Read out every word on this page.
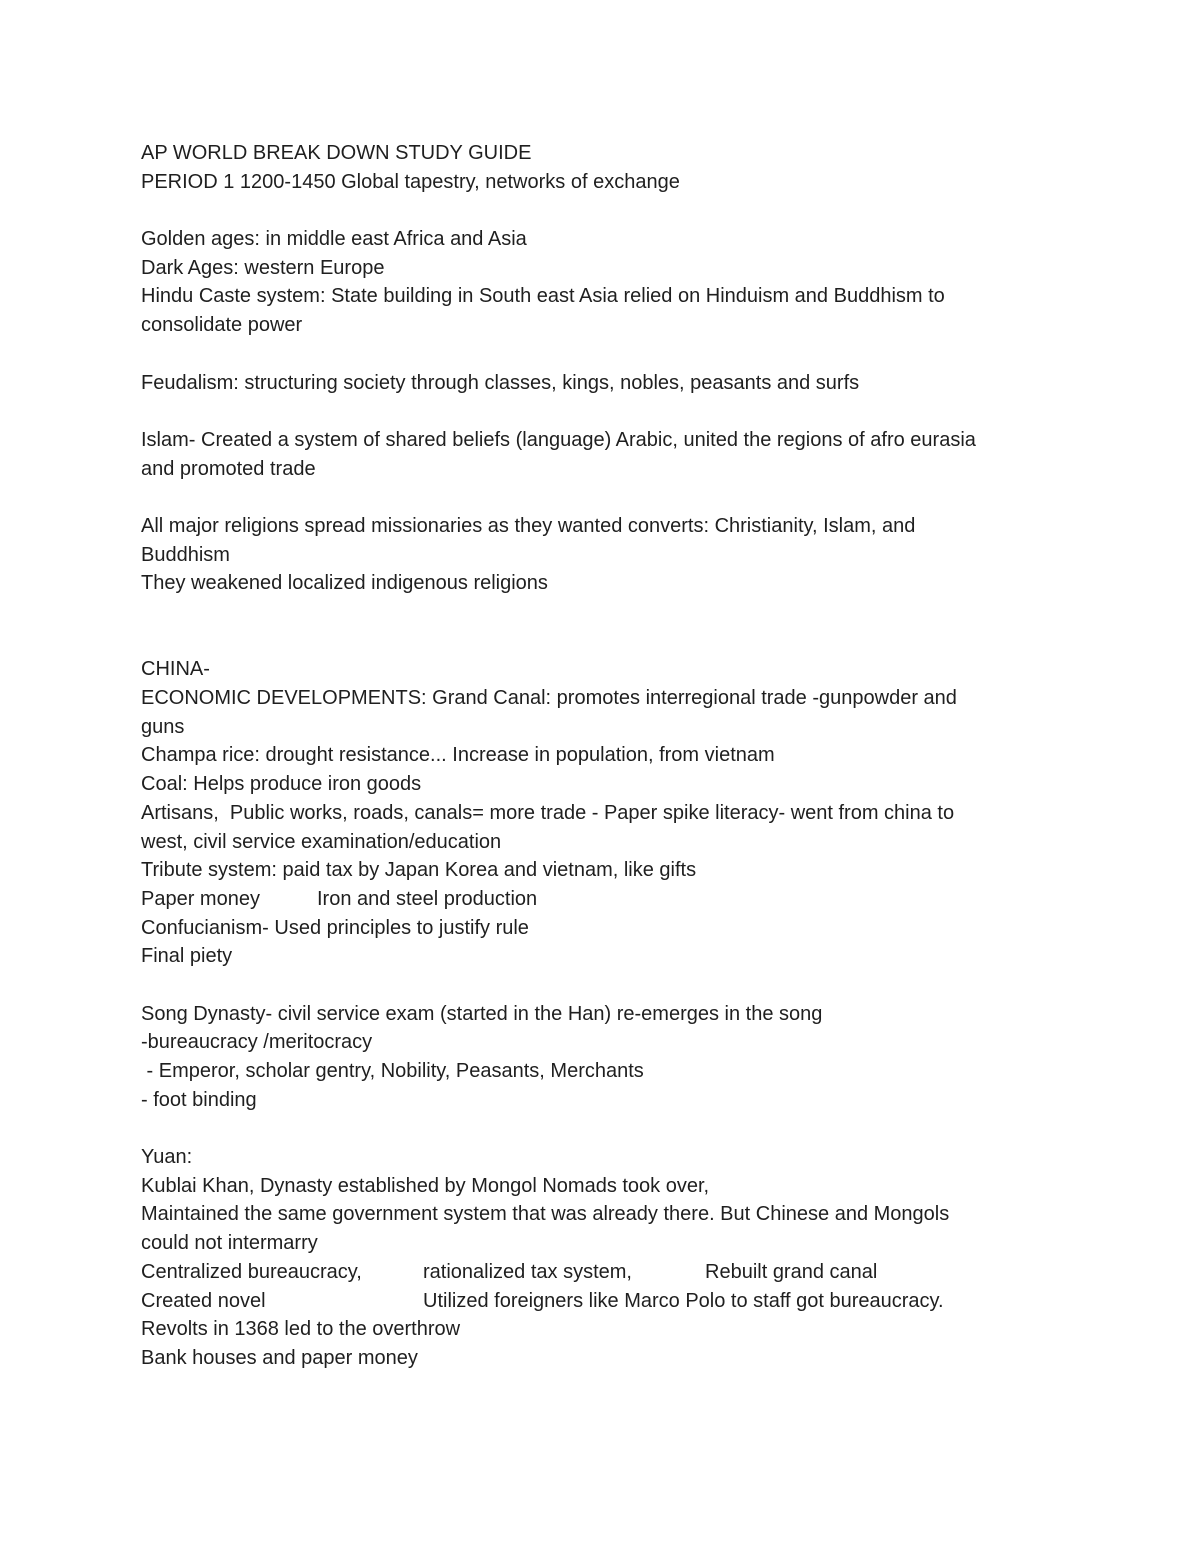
AP WORLD BREAK DOWN STUDY GUIDE
PERIOD 1 1200-1450 Global tapestry, networks of exchange
Golden ages: in middle east Africa and Asia
Dark Ages: western Europe
Hindu Caste system: State building in South east Asia relied on Hinduism and Buddhism to
consolidate power
Feudalism: structuring society through classes, kings, nobles, peasants and surfs
Islam- Created a system of shared beliefs (language) Arabic, united the regions of afro eurasia
and promoted trade
All major religions spread missionaries as they wanted converts: Christianity, Islam, and
Buddhism
They weakened localized indigenous religions
CHINA-
ECONOMIC DEVELOPMENTS: Grand Canal: promotes interregional trade -gunpowder and
guns
Champa rice: drought resistance... Increase in population, from vietnam
Coal: Helps produce iron goods
Artisans,  Public works, roads, canals= more trade - Paper spike literacy- went from china to
west, civil service examination/education
Tribute system: paid tax by Japan Korea and vietnam, like gifts
Paper money	Iron and steel production
Confucianism- Used principles to justify rule
Final piety
Song Dynasty- civil service exam (started in the Han) re-emerges in the song
-bureaucracy /meritocracy
- Emperor, scholar gentry, Nobility, Peasants, Merchants
- foot binding
Yuan:
Kublai Khan, Dynasty established by Mongol Nomads took over,
Maintained the same government system that was already there. But Chinese and Mongols
could not intermarry
Centralized bureaucracy,	rationalized tax system,	Rebuilt grand canal
Created novel	Utilized foreigners like Marco Polo to staff got bureaucracy.
Revolts in 1368 led to the overthrow
Bank houses and paper money
